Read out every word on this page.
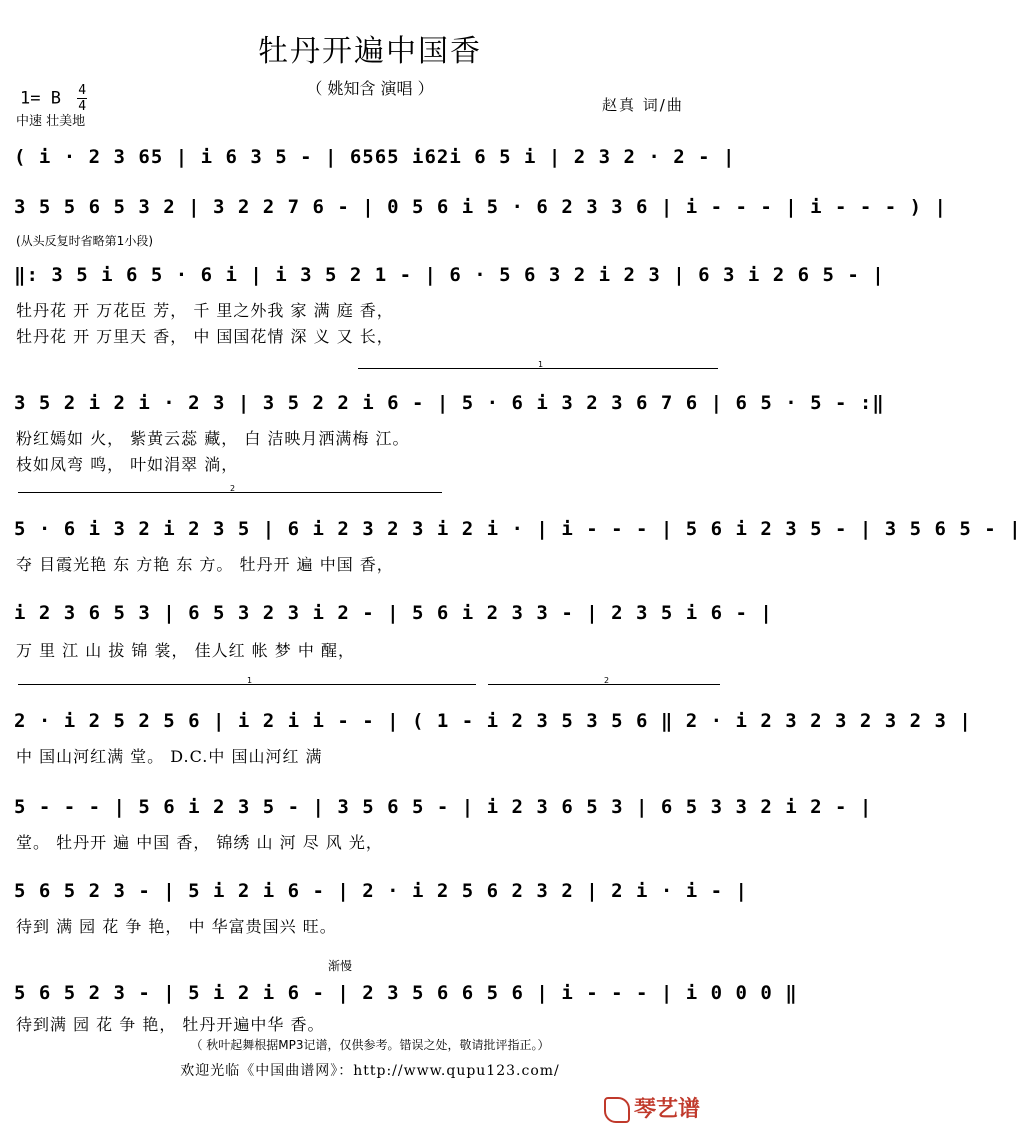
牡丹开遍中国香
（ 姚知含 演唱 ）
1= B $\frac{4}{4}$
中速 壮美地
赵真 词/曲
( i · 2 3 65 | i 6 3 5 - | 6565 i62i 6 5 i | 2 3 2 · 2 - |
3 5 5 6 5 3 2 | 3 2 2 7 6 - | 0 5 6 i 5 · 6 2 3 3 6 | i - - - | i - - - ) |
(从头反复时省略第1小段)
‖: 3 5 i 6 5 · 6 i | i 3 5 2 1 - | 6 · 5 6 3 2 i 2 3 | 6 3 i 2 6 5 - |
牡丹花 开 万花臣 芳， 千 里之外我 家 满 庭 香，
牡丹花 开 万里天 香， 中 国国花情 深 义 又 长，
1
3 5 2 i 2 i · 2 3 | 3 5 2 2 i 6 - | 5 · 6 i 3 2 3 6 7 6 | 6 5 · 5 - :‖
粉红嫣如 火， 紫黄云蕊 藏， 白 洁映月洒满梅 江。
枝如凤弯 鸣， 叶如涓翠 淌，
2
5 · 6 i 3 2 i 2 3 5 | 6 i 2 3 2 3 i 2 i · | i - - - | 5 6 i 2 3 5 - | 3 5 6 5 - |
夺 目霞光艳 东 方艳 东 方。 牡丹开 遍 中国 香，
i 2 3 6 5 3 | 6 5 3 2 3 i 2 - | 5 6 i 2 3 3 - | 2 3 5 i 6 - |
万 里 江 山 拔 锦 裳， 佳人红 帐 梦 中 醒，
1	2
2 · i 2 5 2 5 6 | i 2 i i - - | ( 1 - i 2 3 5 3 5 6 ‖ 2 · i 2 3 2 3 2 3 2 3 |
中 国山河红满 堂。 D.C.中 国山河红 满
5 - - - | 5 6 i 2 3 5 - | 3 5 6 5 - | i 2 3 6 5 3 | 6 5 3 3 2 i 2 - |
堂。 牡丹开 遍 中国 香， 锦绣 山 河 尽 风 光，
5 6 5 2 3 - | 5 i 2 i 6 - | 2 · i 2 5 6 2 3 2 | 2 i · i - |
待到 满 园 花 争 艳， 中 华富贵国兴 旺。
渐慢
5 6 5 2 3 - | 5 i 2 i 6 - | 2 3 5 6 6 5 6 | i - - - | i 0 0 0 ‖
待到满 园 花 争 艳， 牡丹开遍中华 香。
（ 秋叶起舞根据MP3记谱，仅供参考。错误之处，敬请批评指正。）
欢迎光临《中国曲谱网》：http://www.qupu123.com/
琴艺谱
